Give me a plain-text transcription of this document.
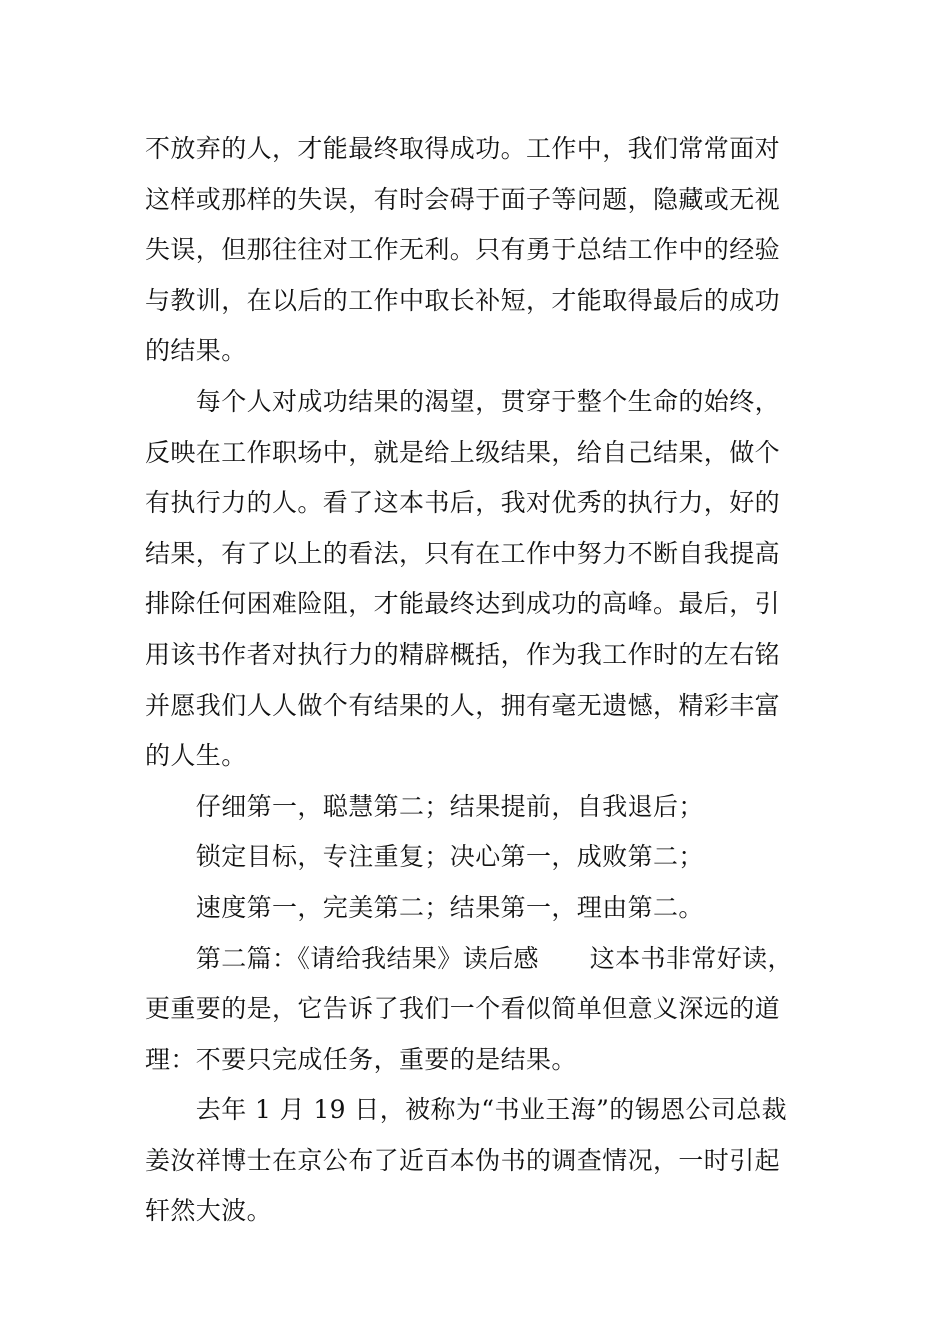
不放弃的人，才能最终取得成功。工作中，我们常常面对

这样或那样的失误，有时会碍于面子等问题，隐藏或无视

失误，但那往往对工作无利。只有勇于总结工作中的经验

与教训，在以后的工作中取长补短，才能取得最后的成功

的结果。

　　每个人对成功结果的渴望，贯穿于整个生命的始终，

反映在工作职场中，就是给上级结果，给自己结果，做个

有执行力的人。看了这本书后，我对优秀的执行力，好的

结果，有了以上的看法，只有在工作中努力不断自我提高

排除任何困难险阻，才能最终达到成功的高峰。最后，引

用该书作者对执行力的精辟概括，作为我工作时的左右铭

并愿我们人人做个有结果的人，拥有毫无遗憾，精彩丰富

的人生。

　　仔细第一，聪慧第二；结果提前，自我退后；

　　锁定目标，专注重复；决心第一，成败第二；

　　速度第一，完美第二；结果第一，理由第二。

　　第二篇：《请给我结果》读后感　　这本书非常好读，

更重要的是，它告诉了我们一个看似简单但意义深远的道

理：不要只完成任务，重要的是结果。

　　去年 1 月 19 日，被称为“书业王海”的锡恩公司总裁

姜汝祥博士在京公布了近百本伪书的调查情况，一时引起

轩然大波。
